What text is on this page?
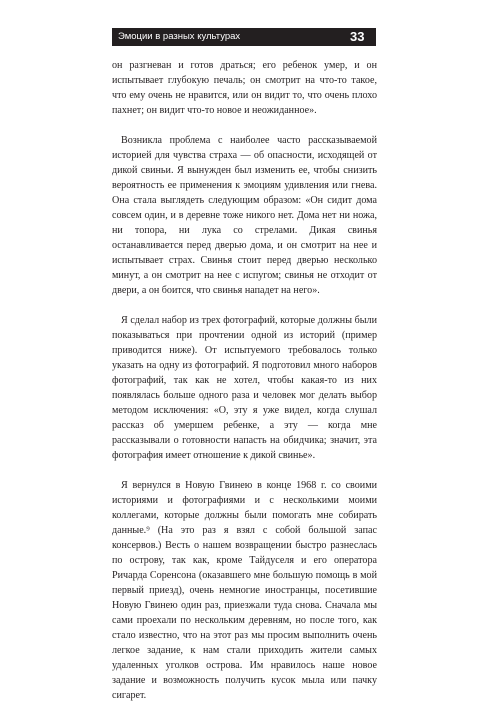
Эмоции в разных культурах	33

он разгневан и готов драться; его ребенок умер, и он испытывает глубокую печаль; он смотрит на что-то такое, что ему очень не нравится, или он видит то, что очень плохо пахнет; он видит что-то новое и неожиданное».

Возникла проблема с наиболее часто рассказываемой историей для чувства страха — об опасности, исходящей от дикой свиньи. Я вынужден был изменить ее, чтобы снизить вероятность ее применения к эмоциям удивления или гнева. Она стала выглядеть следующим образом: «Он сидит дома совсем один, и в деревне тоже никого нет. Дома нет ни ножа, ни топора, ни лука со стрелами. Дикая свинья останавливается перед дверью дома, и он смотрит на нее и испытывает страх. Свинья стоит перед дверью несколько минут, а он смотрит на нее с испугом; свинья не отходит от двери, а он боится, что свинья нападет на него».

Я сделал набор из трех фотографий, которые должны были показываться при прочтении одной из историй (пример приводится ниже). От испытуемого требовалось только указать на одну из фотографий. Я подготовил много наборов фотографий, так как не хотел, чтобы какая-то из них появлялась больше одного раза и человек мог делать выбор методом исключения: «О, эту я уже видел, когда слушал рассказ об умершем ребенке, а эту — когда мне рассказывали о готовности напасть на обидчика; значит, эта фотография имеет отношение к дикой свинье».

Я вернулся в Новую Гвинею в конце 1968 г. со своими историями и фотографиями и с несколькими моими коллегами, которые должны были помогать мне собирать данные.⁹ (На это раз я взял с собой большой запас консервов.) Весть о нашем возвращении быстро разнеслась по острову, так как, кроме Тайдуселя и его оператора Ричарда Соренсона (оказавшего мне большую помощь в мой первый приезд), очень немногие иностранцы, посетившие Новую Гвинею один раз, приезжали туда снова. Сначала мы сами проехали по нескольким деревням, но после того, как стало известно, что на этот раз мы просим выполнить очень легкое задание, к нам стали приходить жители самых удаленных уголков острова. Им нравилось наше новое задание и возможность получить кусок мыла или пачку сигарет.
